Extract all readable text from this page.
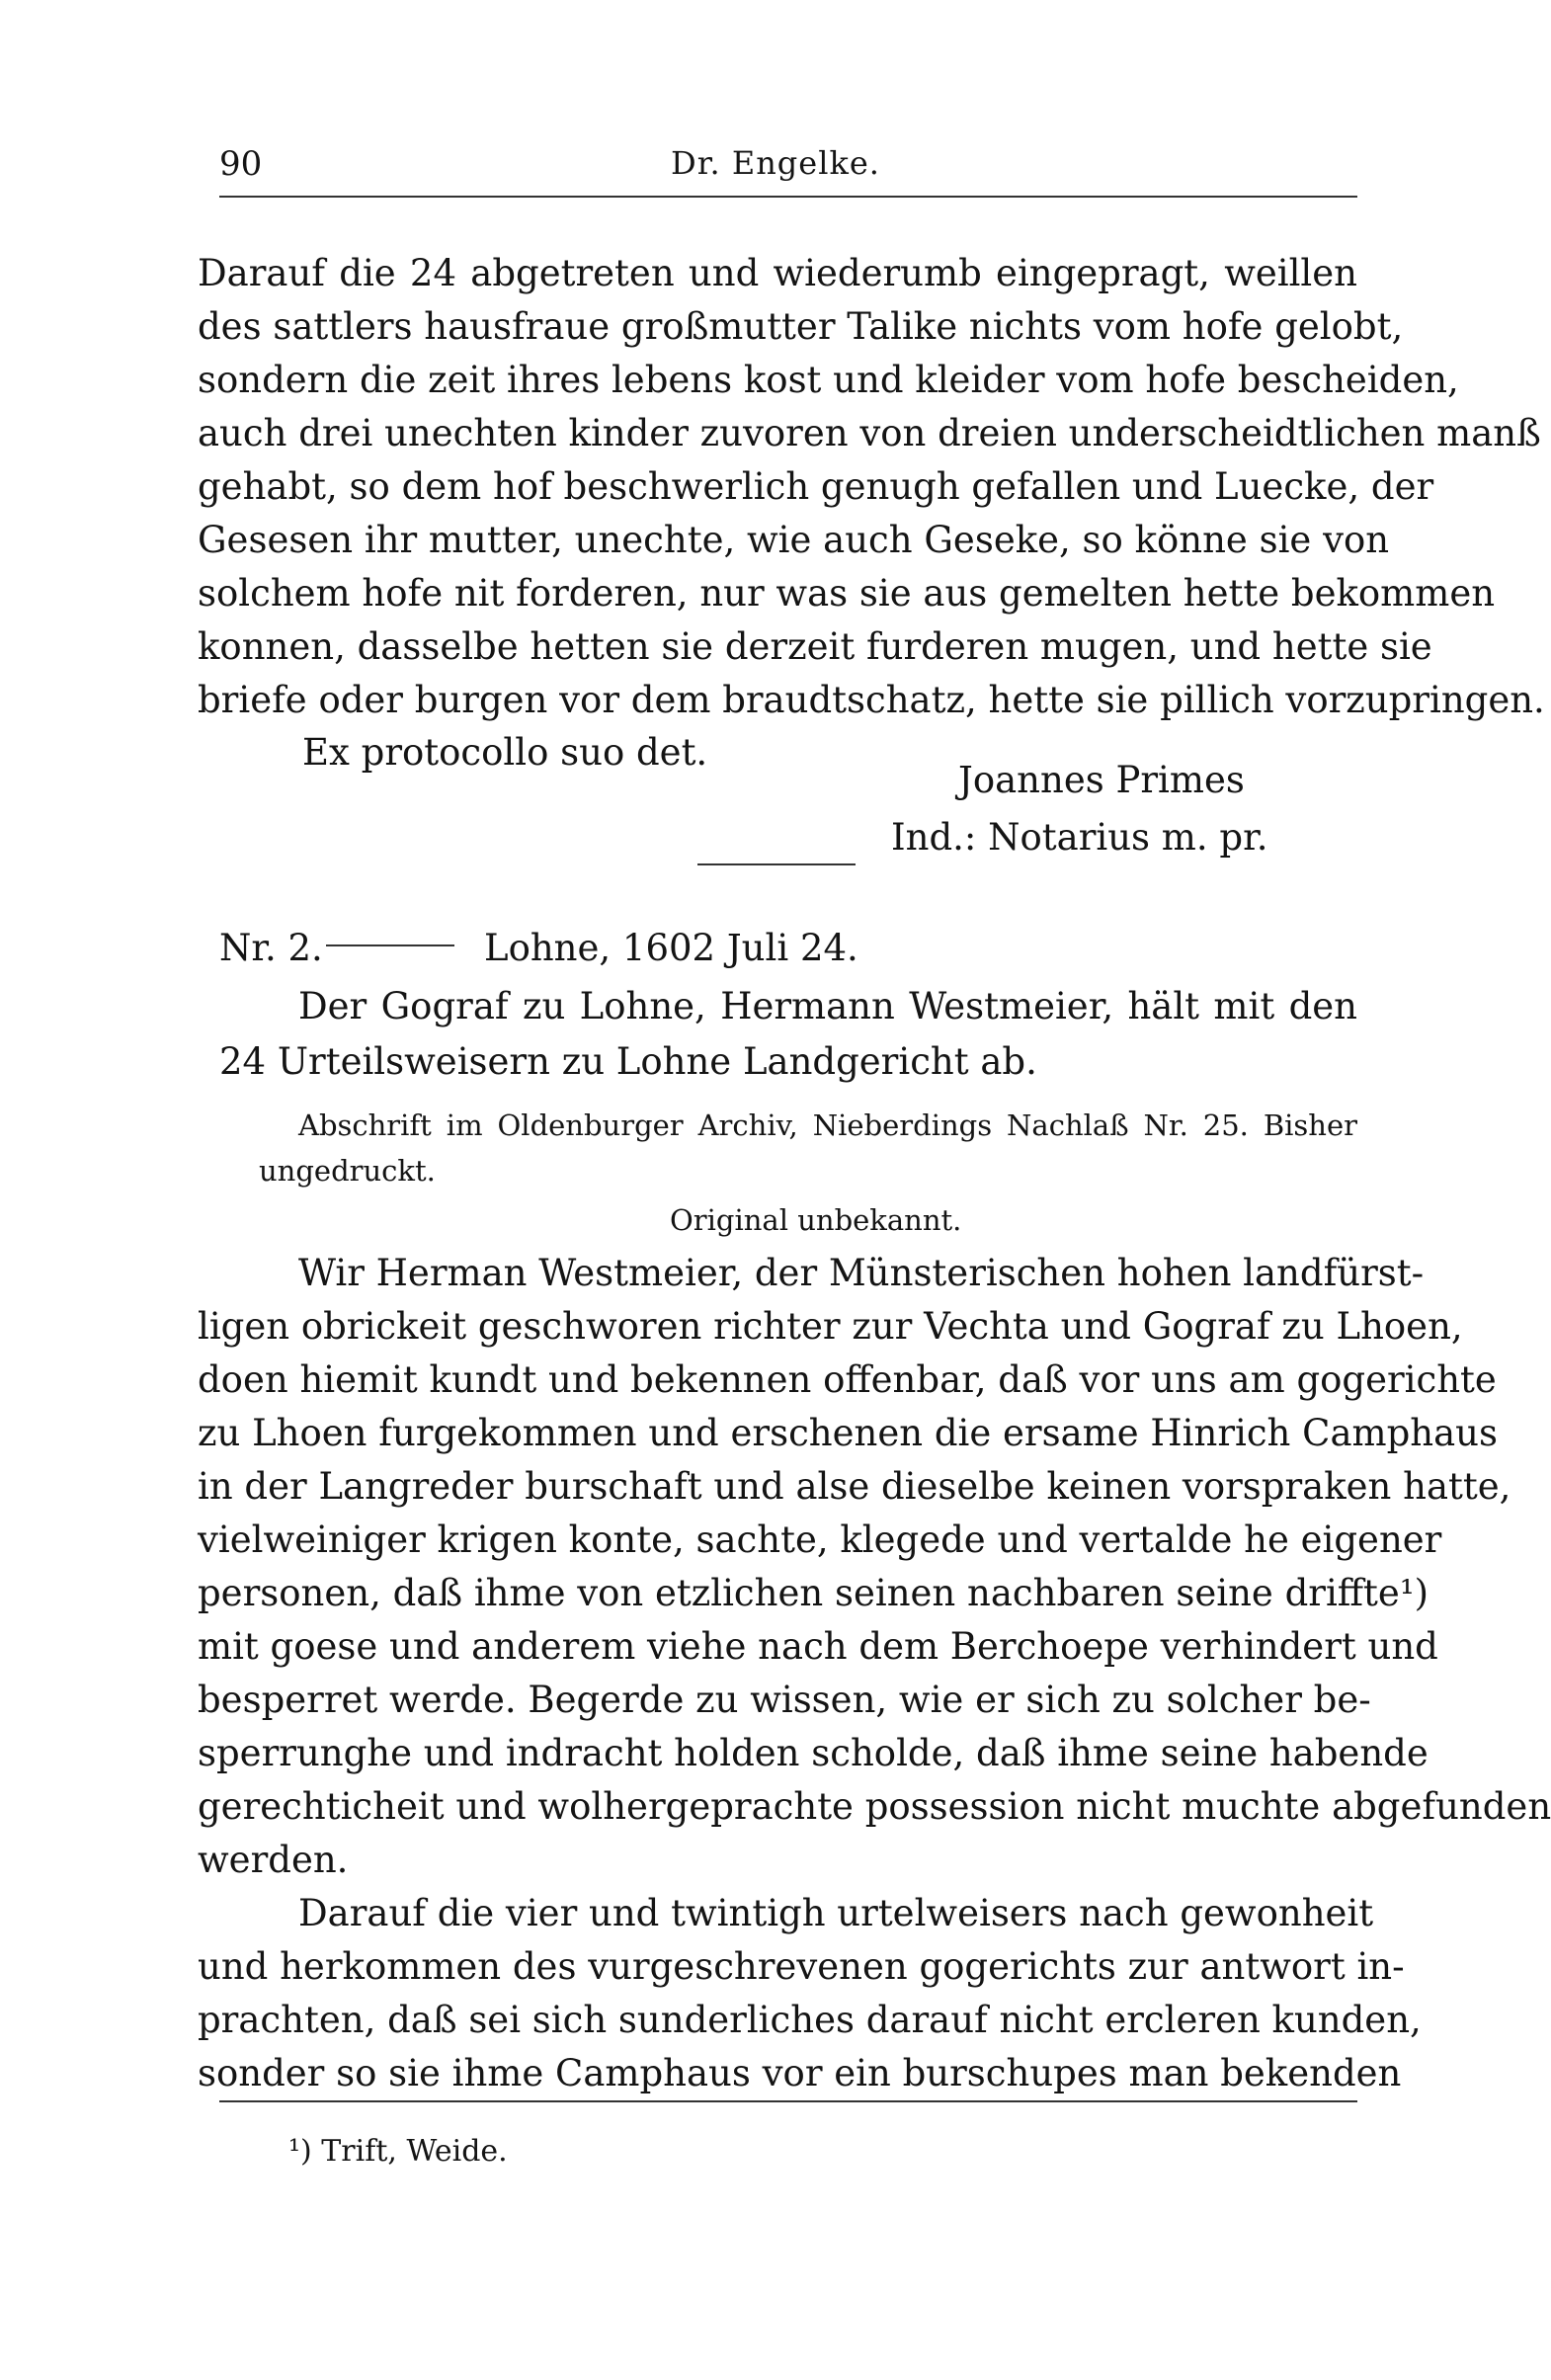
90	Dr. Engelke.
Darauf die 24 abgetreten und wiederumb eingepragt, weillen
des sattlers hausfraue großmutter Talike nichts vom hofe gelobt,
sondern die zeit ihres lebens kost und kleider vom hofe bescheiden,
auch drei unechten kinder zuvoren von dreien underscheidtlichen manß
gehabt, so dem hof beschwerlich genugh gefallen und Luecke, der
Gesesen ihr mutter, unechte, wie auch Geseke, so könne sie von
solchem hofe nit forderen, nur was sie aus gemelten hette bekommen
konnen, dasselbe hetten sie derzeit furderen mugen, und hette sie
briefe oder burgen vor dem braudtschatz, hette sie pillich vorzupringen.
Ex protocollo suo det.
Joannes Primes
Ind.: Notarius m. pr.
Nr. 2.	Lohne, 1602 Juli 24.
Der Gograf zu Lohne, Hermann Westmeier, hält mit den
24 Urteilsweisern zu Lohne Landgericht ab.
Abschrift im Oldenburger Archiv, Nieberdings Nachlaß Nr. 25. Bisher
ungedruckt.
Original unbekannt.
Wir Herman Westmeier, der Münsterischen hohen landfürst-
ligen obrickeit geschworen richter zur Vechta und Gograf zu Lhoen,
doen hiemit kundt und bekennen offenbar, daß vor uns am gogerichte
zu Lhoen furgekommen und erschenen die ersame Hinrich Camphaus
in der Langreder burschaft und alse dieselbe keinen vorspraken hatte,
vielweiniger krigen konte, sachte, klegede und vertalde he eigener
personen, daß ihme von etzlichen seinen nachbaren seine driffte¹)
mit goese und anderem viehe nach dem Berchoepe verhindert und
besperret werde. Begerde zu wissen, wie er sich zu solcher be-
sperrunghe und indracht holden scholde, daß ihme seine habende
gerechticheit und wolhergeprachte possession nicht muchte abgefunden
werden.
Darauf die vier und twintigh urtelweisers nach gewonheit
und herkommen des vurgeschrevenen gogerichts zur antwort in-
prachten, daß sei sich sunderliches darauf nicht ercleren kunden,
sonder so sie ihme Camphaus vor ein burschupes man bekenden
¹) Trift, Weide.
